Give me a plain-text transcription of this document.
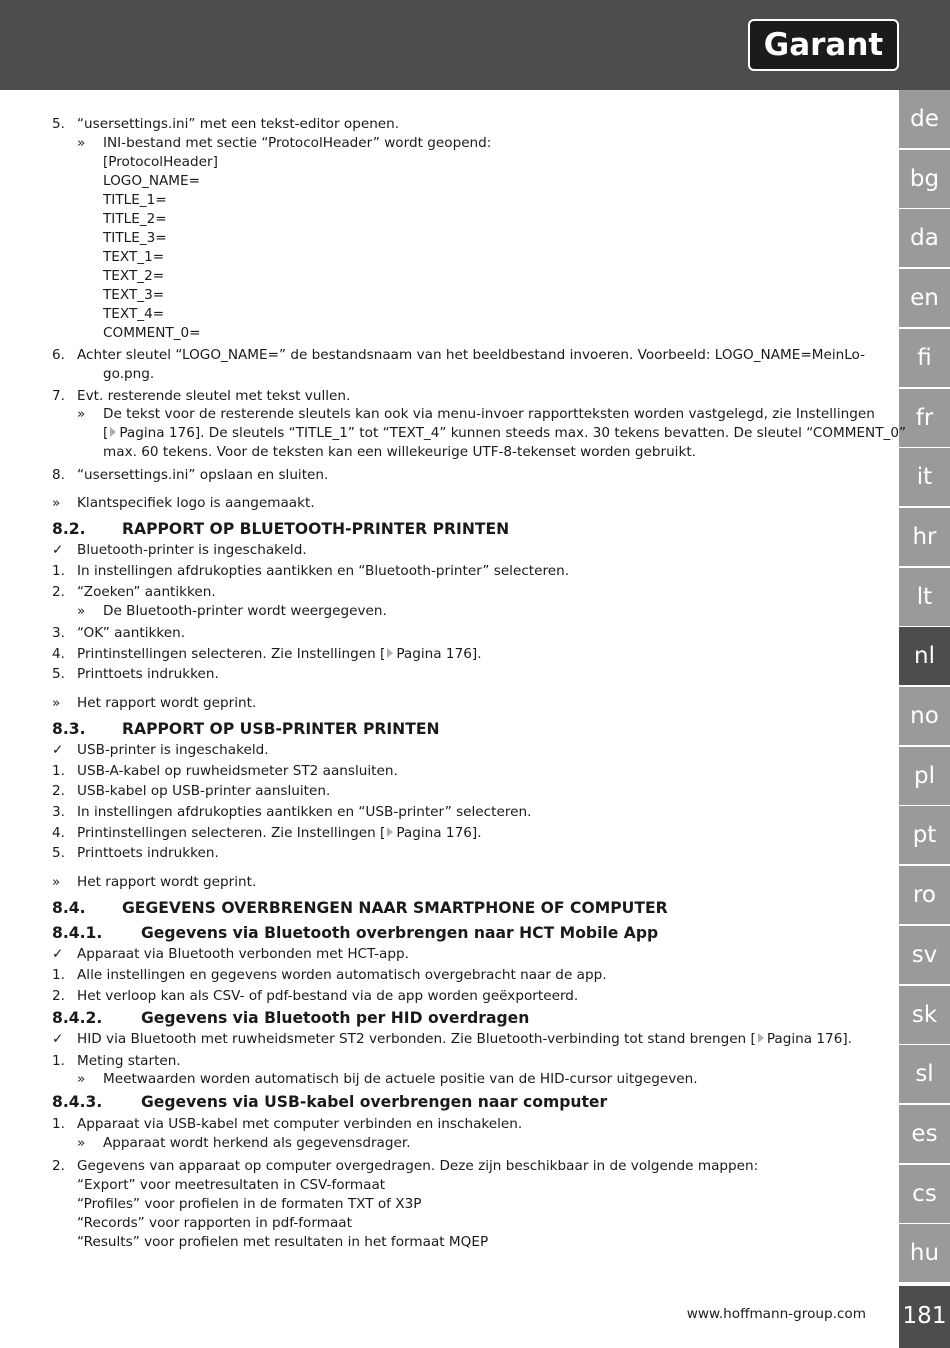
Garant
de
bg
da
en
fi
fr
it
hr
lt
nl
no
pl
pt
ro
sv
sk
sl
es
cs
hu
181
5. “usersettings.ini” met een tekst-editor openen.
» INI-bestand met sectie “ProtocolHeader” wordt geopend:
[ProtocolHeader]
LOGO_NAME=
TITLE_1=
TITLE_2=
TITLE_3=
TEXT_1=
TEXT_2=
TEXT_3=
TEXT_4=
COMMENT_0=
6. Achter sleutel “LOGO_NAME=” de bestandsnaam van het beeldbestand invoeren. Voorbeeld: LOGO_NAME=MeinLo-
go.png.
7. Evt. resterende sleutel met tekst vullen.
» De tekst voor de resterende sleutels kan ook via menu-invoer rapportteksten worden vastgelegd, zie Instellingen
[ Pagina 176]. De sleutels “TITLE_1” tot “TEXT_4” kunnen steeds max. 30 tekens bevatten. De sleutel “COMMENT_0”
max. 60 tekens. Voor de teksten kan een willekeurige UTF-8-tekenset worden gebruikt.
8. “usersettings.ini” opslaan en sluiten.
» Klantspecifiek logo is aangemaakt.
8.2. RAPPORT OP BLUETOOTH-PRINTER PRINTEN
✓ Bluetooth-printer is ingeschakeld.
1. In instellingen afdrukopties aantikken en “Bluetooth-printer” selecteren.
2. “Zoeken” aantikken.
» De Bluetooth-printer wordt weergegeven.
3. “OK” aantikken.
4. Printinstellingen selecteren. Zie Instellingen [ Pagina 176].
5. Printtoets indrukken.
» Het rapport wordt geprint.
8.3. RAPPORT OP USB-PRINTER PRINTEN
✓ USB-printer is ingeschakeld.
1. USB-A-kabel op ruwheidsmeter ST2 aansluiten.
2. USB-kabel op USB-printer aansluiten.
3. In instellingen afdrukopties aantikken en “USB-printer” selecteren.
4. Printinstellingen selecteren. Zie Instellingen [ Pagina 176].
5. Printtoets indrukken.
» Het rapport wordt geprint.
8.4. GEGEVENS OVERBRENGEN NAAR SMARTPHONE OF COMPUTER
8.4.1. Gegevens via Bluetooth overbrengen naar HCT Mobile App
✓ Apparaat via Bluetooth verbonden met HCT-app.
1. Alle instellingen en gegevens worden automatisch overgebracht naar de app.
2. Het verloop kan als CSV- of pdf-bestand via de app worden geëxporteerd.
8.4.2. Gegevens via Bluetooth per HID overdragen
✓ HID via Bluetooth met ruwheidsmeter ST2 verbonden. Zie Bluetooth-verbinding tot stand brengen [ Pagina 176].
1. Meting starten.
» Meetwaarden worden automatisch bij de actuele positie van de HID-cursor uitgegeven.
8.4.3. Gegevens via USB-kabel overbrengen naar computer
1. Apparaat via USB-kabel met computer verbinden en inschakelen.
» Apparaat wordt herkend als gegevensdrager.
2. Gegevens van apparaat op computer overgedragen. Deze zijn beschikbaar in de volgende mappen:
“Export” voor meetresultaten in CSV-formaat
“Profiles” voor profielen in de formaten TXT of X3P
“Records” voor rapporten in pdf-formaat
“Results” voor profielen met resultaten in het formaat MQEP
www.hoffmann-group.com
